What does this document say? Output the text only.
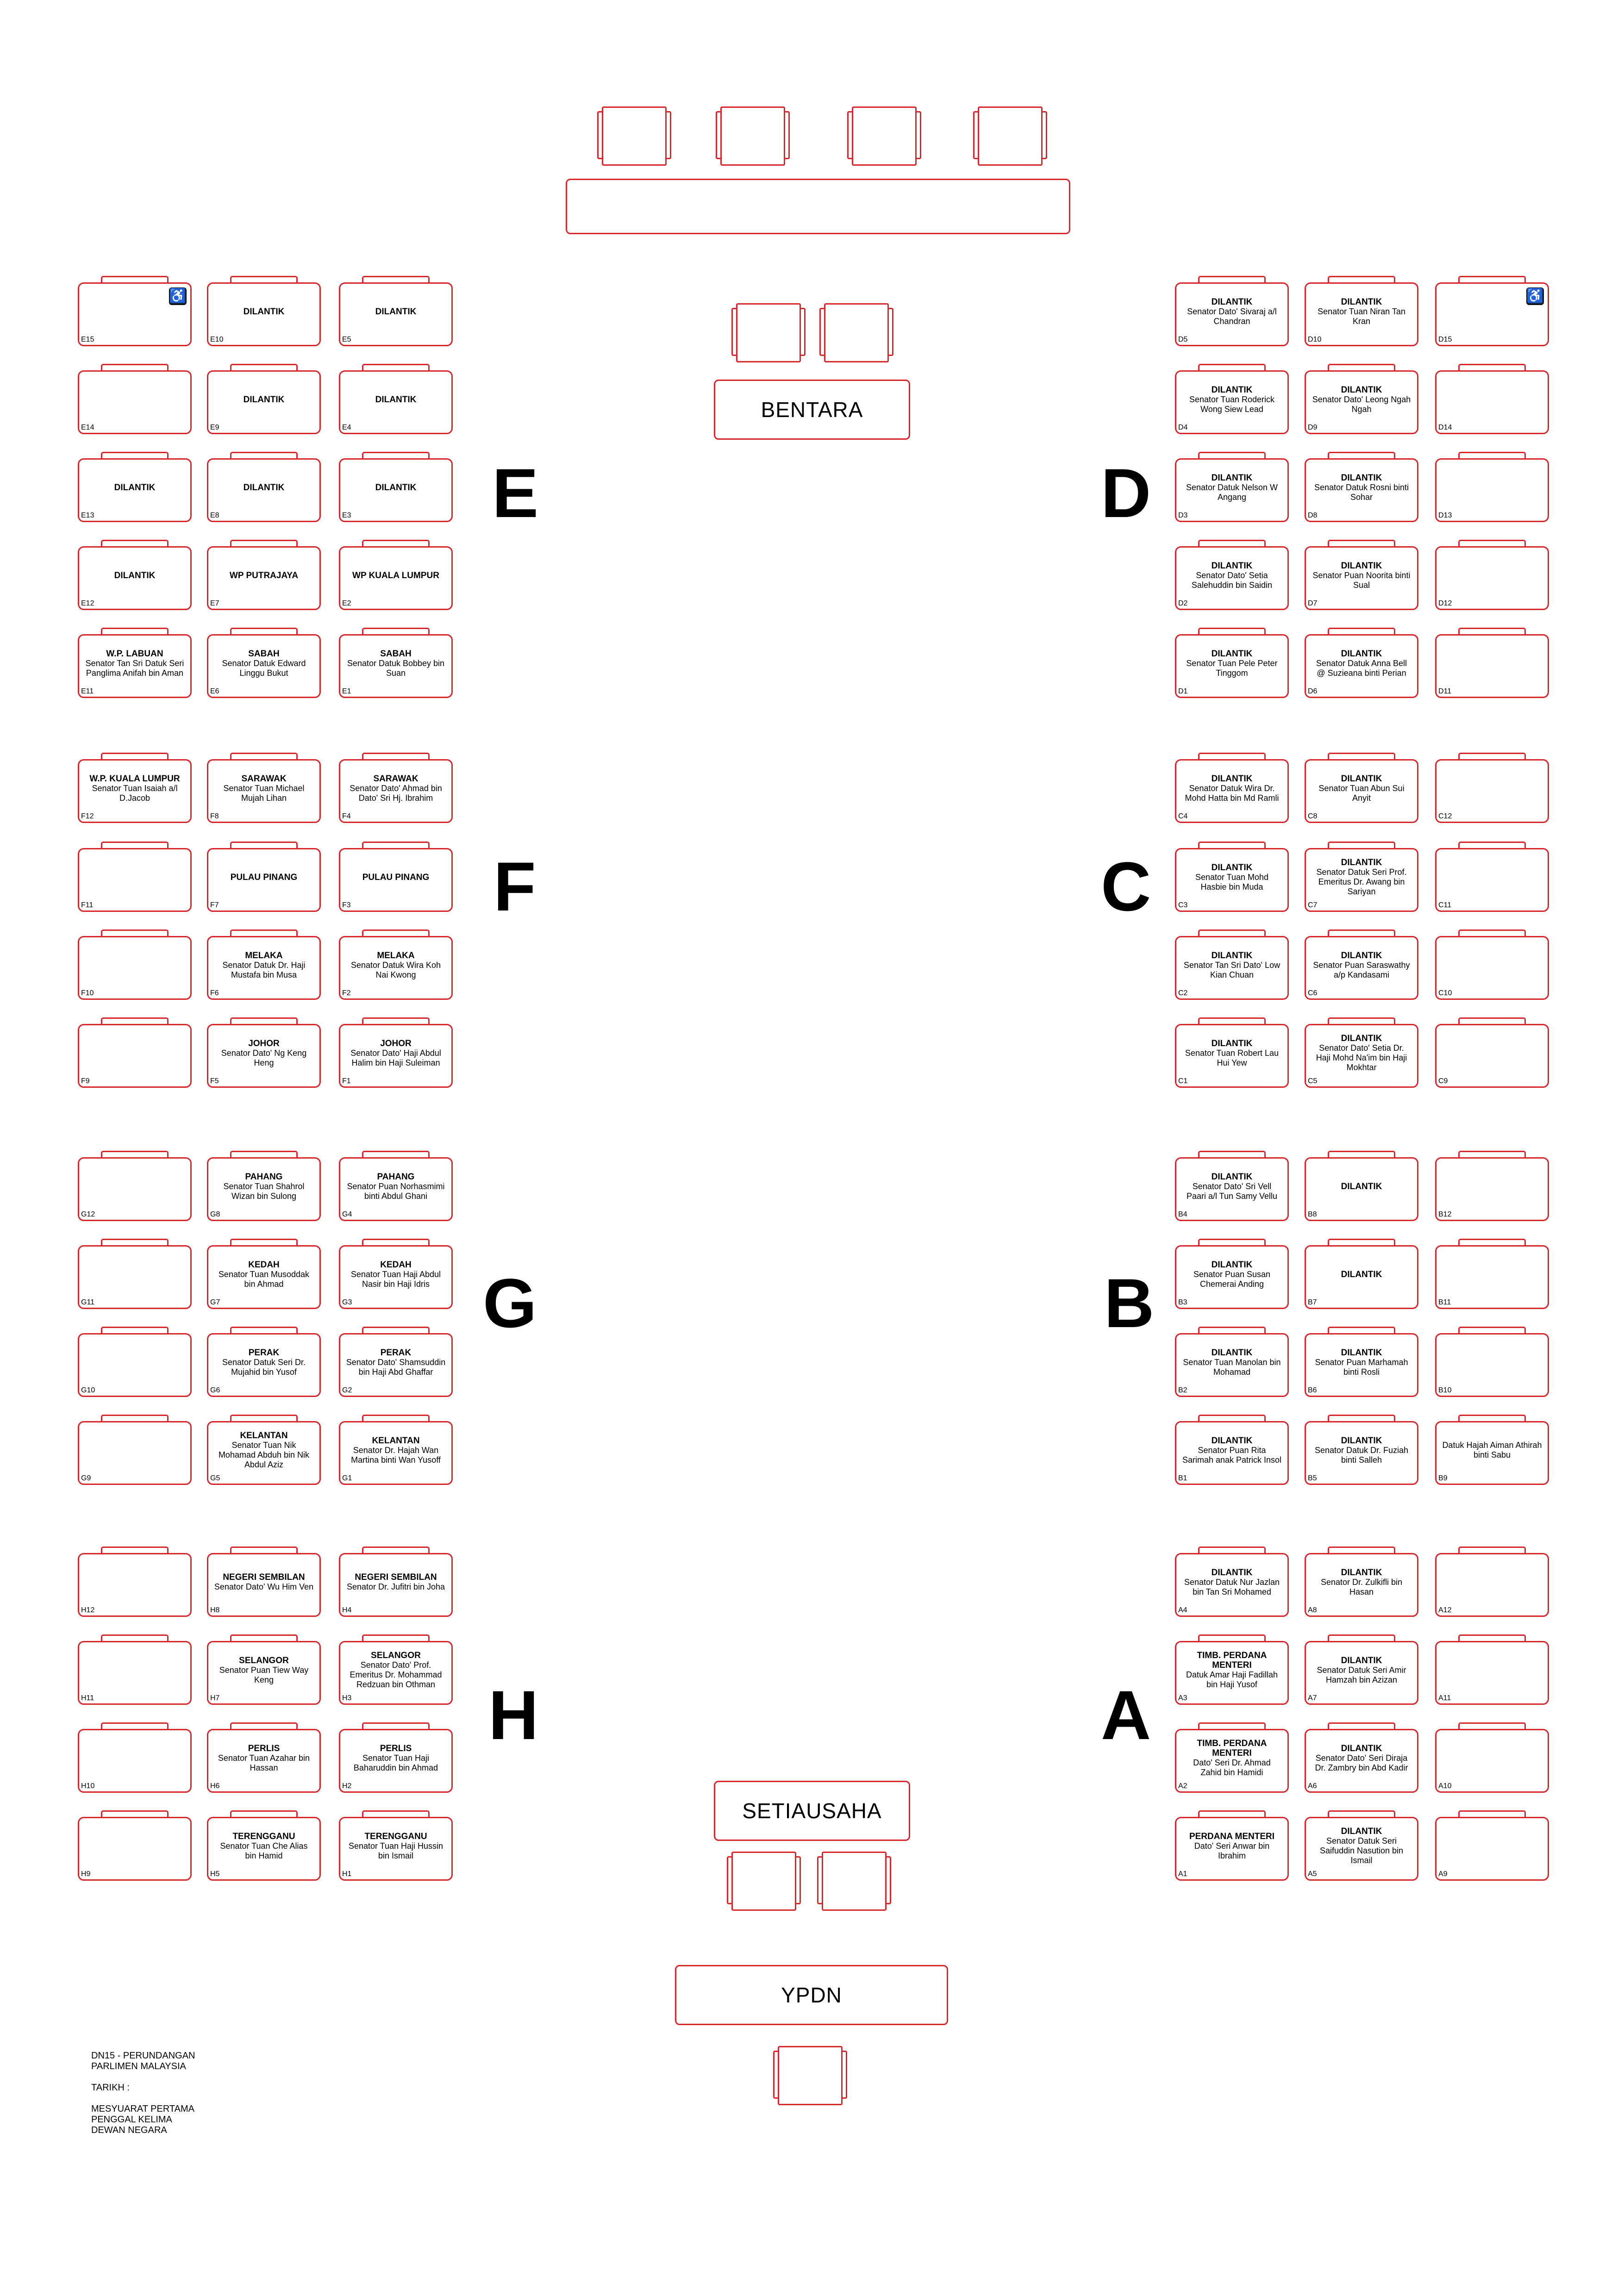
E	D
F	C
G	B
H	A
DN15 - PERUNDANGAN
PARLIMEN MALAYSIA
TARIKH :
MESYUARAT PERTAMA
PENGGAL KELIMA
DEWAN NEGARA
♿
E15
DILANTIK
E10
DILANTIK
E5
E14
DILANTIK
E9
DILANTIK
E4
DILANTIK
E13
DILANTIK
E8
DILANTIK
E3
DILANTIK
E12
WP PUTRAJAYA
E7
WP KUALA LUMPUR
E2
W.P. LABUAN
Senator Tan Sri Datuk Seri Panglima Anifah bin Aman
E11
SABAH
Senator Datuk Edward Linggu Bukut
E6
SABAH
Senator Datuk Bobbey bin Suan
E1
DILANTIK
Senator Dato' Sivaraj a/l Chandran
D5
DILANTIK
Senator Tuan Niran Tan Kran
D10
♿
D15
DILANTIK
Senator Tuan Roderick Wong Siew Lead
D4
DILANTIK
Senator Dato' Leong Ngah Ngah
D9	D14
DILANTIK
Senator Datuk Nelson W Angang
D3
DILANTIK
Senator Datuk Rosni binti Sohar
D8	D13
DILANTIK
Senator Dato' Setia Salehuddin bin Saidin
D2
DILANTIK
Senator Puan Noorita binti Sual
D7	D12
DILANTIK
Senator Tuan Pele Peter Tinggom
D1
DILANTIK
Senator Datuk Anna Bell @ Suzieana binti Perian
D6	D11
W.P. KUALA LUMPUR
Senator Tuan Isaiah a/l D.Jacob
F12
SARAWAK
Senator Tuan Michael Mujah Lihan
F8
SARAWAK
Senator Dato' Ahmad bin Dato' Sri Hj. Ibrahim
F4
F11
PULAU PINANG
F7
PULAU PINANG
F3
F10
MELAKA
Senator Datuk Dr. Haji Mustafa bin Musa
F6
MELAKA
Senator Datuk Wira Koh Nai Kwong
F2
F9
JOHOR
Senator Dato' Ng Keng Heng
F5
JOHOR
Senator Dato' Haji Abdul Halim bin Haji Suleiman
F1
DILANTIK
Senator Datuk Wira Dr. Mohd Hatta bin Md Ramli
C4
DILANTIK
Senator Tuan Abun Sui Anyit
C8	C12
DILANTIK
Senator Tuan Mohd Hasbie bin Muda
C3
DILANTIK
Senator Datuk Seri Prof. Emeritus Dr. Awang bin Sariyan
C7	C11
DILANTIK
Senator Tan Sri Dato' Low Kian Chuan
C2
DILANTIK
Senator Puan Saraswathy a/p Kandasami
C6	C10
DILANTIK
Senator Tuan Robert Lau Hui Yew
C1
DILANTIK
Senator Dato' Setia Dr. Haji Mohd Na'im bin Haji Mokhtar
C5	C9
G12
PAHANG
Senator Tuan Shahrol Wizan bin Sulong
G8
PAHANG
Senator Puan Norhasmimi binti Abdul Ghani
G4
G11
KEDAH
Senator Tuan Musoddak bin Ahmad
G7
KEDAH
Senator Tuan Haji Abdul Nasir bin Haji Idris
G3
G10
PERAK
Senator Datuk Seri Dr. Mujahid bin Yusof
G6
PERAK
Senator Dato' Shamsuddin bin Haji Abd Ghaffar
G2
G9
KELANTAN
Senator Tuan Nik Mohamad Abduh bin Nik Abdul Aziz
G5
KELANTAN
Senator Dr. Hajah Wan Martina binti Wan Yusoff
G1
DILANTIK
Senator Dato' Sri Vell Paari a/l Tun Samy Vellu
B4
DILANTIK
B8	B12
DILANTIK
Senator Puan Susan Chemerai Anding
B3
DILANTIK
B7	B11
DILANTIK
Senator Tuan Manolan bin Mohamad
B2
DILANTIK
Senator Puan Marhamah binti Rosli
B6	B10
DILANTIK
Senator Puan Rita Sarimah anak Patrick Insol
B1
DILANTIK
Senator Datuk Dr. Fuziah binti Salleh
B5
Datuk Hajah Aiman Athirah binti Sabu
B9
H12
NEGERI SEMBILAN
Senator Dato' Wu Him Ven
H8
NEGERI SEMBILAN
Senator Dr. Jufitri bin Joha
H4
H11
SELANGOR
Senator Puan Tiew Way Keng
H7
SELANGOR
Senator Dato' Prof. Emeritus Dr. Mohammad Redzuan bin Othman
H3
H10
PERLIS
Senator Tuan Azahar bin Hassan
H6
PERLIS
Senator Tuan Haji Baharuddin bin Ahmad
H2
H9
TERENGGANU
Senator Tuan Che Alias bin Hamid
H5
TERENGGANU
Senator Tuan Haji Hussin bin Ismail
H1
DILANTIK
Senator Datuk Nur Jazlan bin Tan Sri Mohamed
A4
DILANTIK
Senator Dr. Zulkifli bin Hasan
A8	A12
TIMB. PERDANA MENTERI
Datuk Amar Haji Fadillah bin Haji Yusof
A3
DILANTIK
Senator Datuk Seri Amir Hamzah bin Azizan
A7	A11
TIMB. PERDANA MENTERI
Dato' Seri Dr. Ahmad Zahid bin Hamidi
A2
DILANTIK
Senator Dato' Seri Diraja Dr. Zambry bin Abd Kadir
A6	A10
PERDANA MENTERI
Dato' Seri Anwar bin Ibrahim
A1
DILANTIK
Senator Datuk Seri Saifuddin Nasution bin Ismail
A5	A9
BENTARA
SETIAUSAHA
YPDN
